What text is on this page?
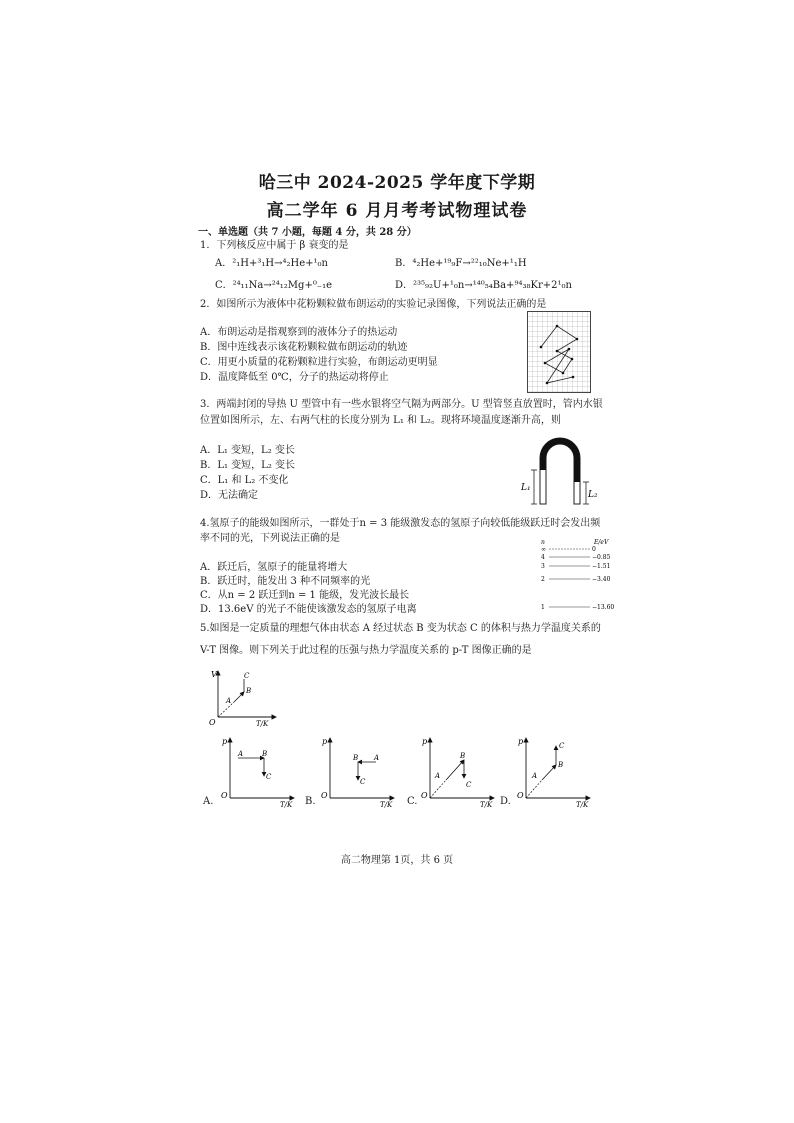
哈三中 2024-2025 学年度下学期
高二学年 6 月月考考试物理试卷
一、单选题（共 7 小题，每题 4 分，共 28 分）
1．下列核反应中属于 β 衰变的是
A．²₁H+³₁H→⁴₂He+¹₀n	B．⁴₂He+¹⁹₉F→²²₁₀Ne+¹₁H
C．²⁴₁₁Na→²⁴₁₂Mg+⁰₋₁e	D．²³⁵₉₂U+¹₀n→¹⁴⁰₅₄Ba+⁹⁴₃₈Kr+2¹₀n
2．如图所示为液体中花粉颗粒做布朗运动的实验记录图像，下列说法正确的是
A．布朗运动是指观察到的液体分子的热运动
B．图中连线表示该花粉颗粒做布朗运动的轨迹
C．用更小质量的花粉颗粒进行实验，布朗运动更明显
D．温度降低至 0℃，分子的热运动将停止
3．两端封闭的导热 U 型管中有一些水银将空气隔为两部分。U 型管竖直放置时，管内水银
位置如图所示，左、右两气柱的长度分别为 L₁ 和 L₂。现将环境温度逐渐升高，则
A．L₁ 变短，L₂ 变长
B．L₁ 变短，L₂ 变长
C．L₁ 和 L₂ 不变化
D．无法确定
L₁
L₂
4.氢原子的能级如图所示，一群处于n = 3 能级激发态的氢原子向较低能级跃迁时会发出频
率不同的光，下列说法正确的是
A．跃迁后，氢原子的能量将增大
B．跃迁时，能发出 3 种不同频率的光
C．从n = 2 跃迁到n = 1 能级，发光波长最长
D．13.6eV 的光子不能使该激发态的氢原子电离
n	E/eV
∞	0
4	−0.85
3	−1.51
2	−3.40
1	−13.60
5.如图是一定质量的理想气体由状态 A 经过状态 B 变为状态 C 的体积与热力学温度关系的
V-T 图像。则下列关于此过程的压强与热力学温度关系的 p-T 图像正确的是
V
O	T/K
A
B
C
A.
p
O
T/K
A	B
C
B.
p
O
T/K
A
B
C
C.
p
O
T/K
A
B
C
D.
p
O
T/K
A
B
C
高二物理第 1页，共 6 页
